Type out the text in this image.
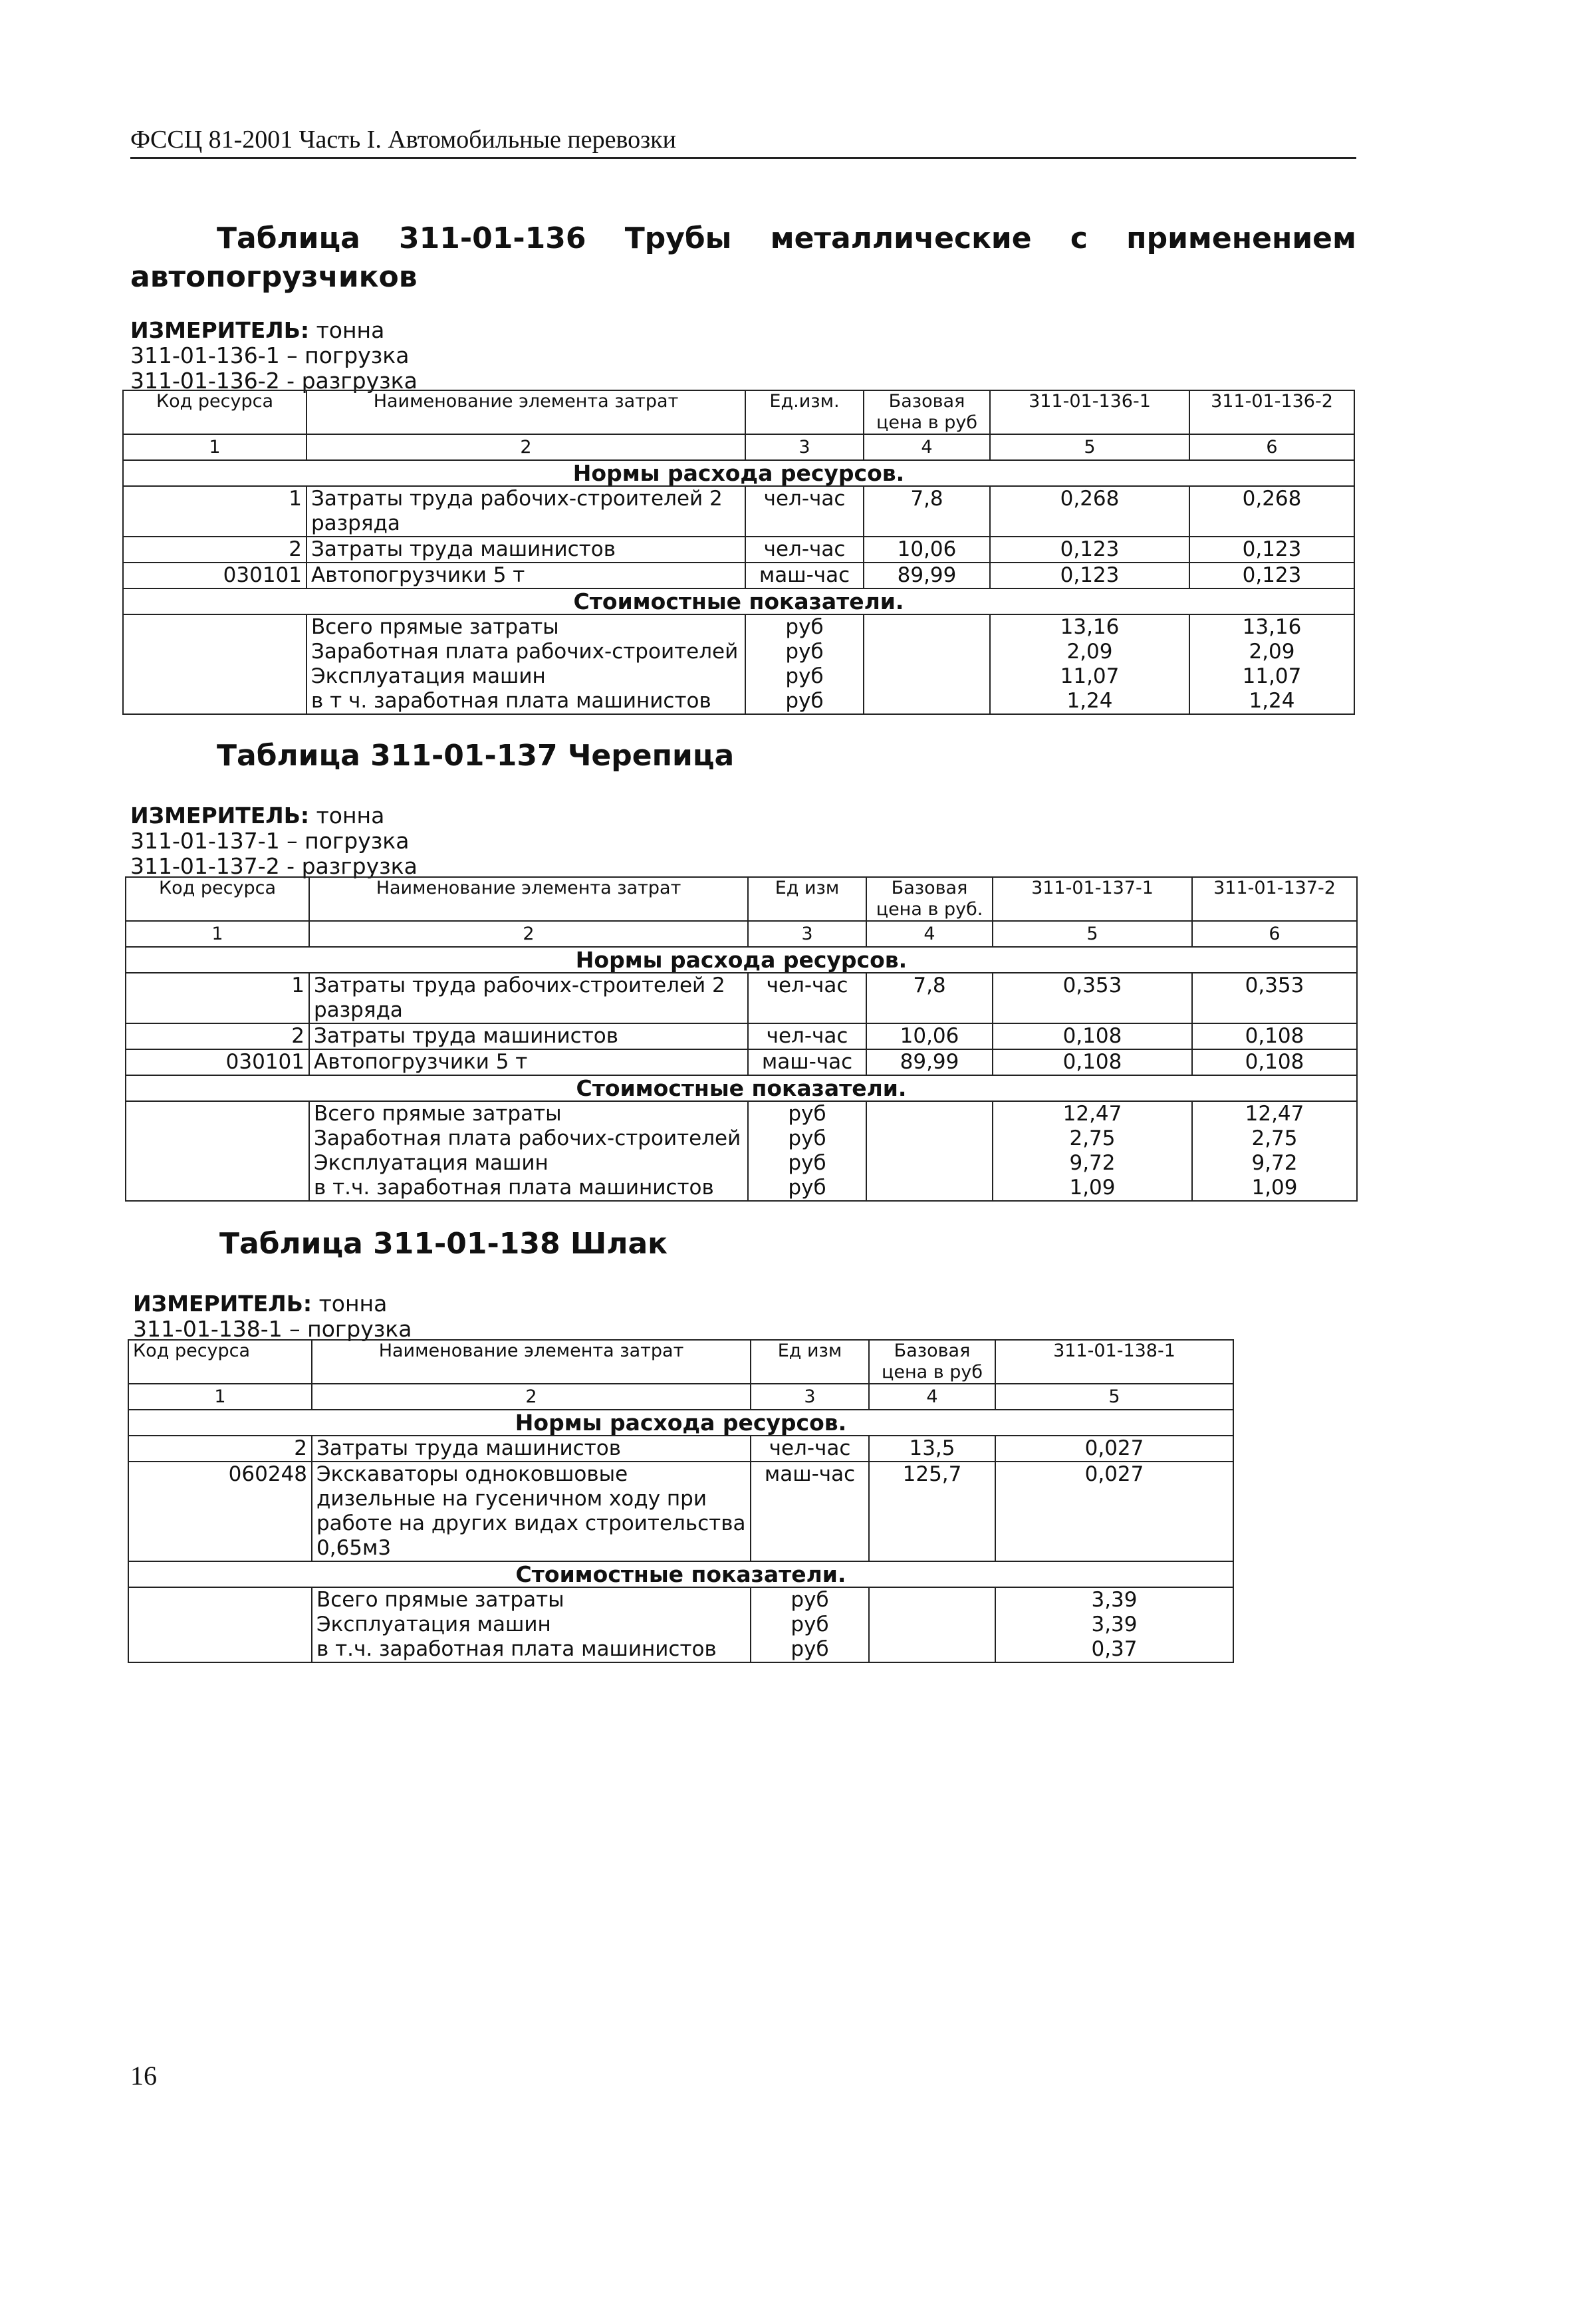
ФССЦ 81-2001 Часть I. Автомобильные перевозки
Таблица 311-01-136 Трубы металлические с применением
автопогрузчиков
ИЗМЕРИТЕЛЬ: тонна
311-01-136-1 – погрузка
311-01-136-2 - разгрузка
Код ресурса	Наименование элемента затрат	Ед.изм.	Базовая цена в руб	311-01-136-1	311-01-136-2
1	2	3	4	5	6
Нормы расхода ресурсов.					
1	Затраты труда рабочих-строителей 2 разряда	чел-час	7,8	0,268	0,268
2	Затраты труда машинистов	чел-час	10,06	0,123	0,123
030101	Автопогрузчики 5 т	маш-час	89,99	0,123	0,123
Стоимостные показатели.					
	Всего прямые затраты	руб		13,16	13,16
	Заработная плата рабочих-строителей	руб		2,09	2,09
	Эксплуатация машин	руб		11,07	11,07
	в т ч. заработная плата машинистов	руб		1,24	1,24
Таблица 311-01-137 Черепица
ИЗМЕРИТЕЛЬ: тонна
311-01-137-1 – погрузка
311-01-137-2 - разгрузка
Код ресурса	Наименование элемента затрат	Ед изм	Базовая цена в руб.	311-01-137-1	311-01-137-2
1	2	3	4	5	6
Нормы расхода ресурсов.					
1	Затраты труда рабочих-строителей 2 разряда	чел-час	7,8	0,353	0,353
2	Затраты труда машинистов	чел-час	10,06	0,108	0,108
030101	Автопогрузчики 5 т	маш-час	89,99	0,108	0,108
Стоимостные показатели.					
	Всего прямые затраты	руб		12,47	12,47
	Заработная плата рабочих-строителей	руб		2,75	2,75
	Эксплуатация машин	руб		9,72	9,72
	в т.ч. заработная плата машинистов	руб		1,09	1,09
Таблица 311-01-138 Шлак
ИЗМЕРИТЕЛЬ: тонна
311-01-138-1 – погрузка
Код ресурса	Наименование элемента затрат	Ед изм	Базовая цена в руб	311-01-138-1
1	2	3	4	5
Нормы расхода ресурсов.				
2	Затраты труда машинистов	чел-час	13,5	0,027
060248	Экскаваторы одноковшовые дизельные на гусеничном ходу при работе на других видах строительства 0,65м3	маш-час	125,7	0,027
Стоимостные показатели.				
	Всего прямые затраты	руб		3,39
	Эксплуатация машин	руб		3,39
	в т.ч. заработная плата машинистов	руб		0,37
16
